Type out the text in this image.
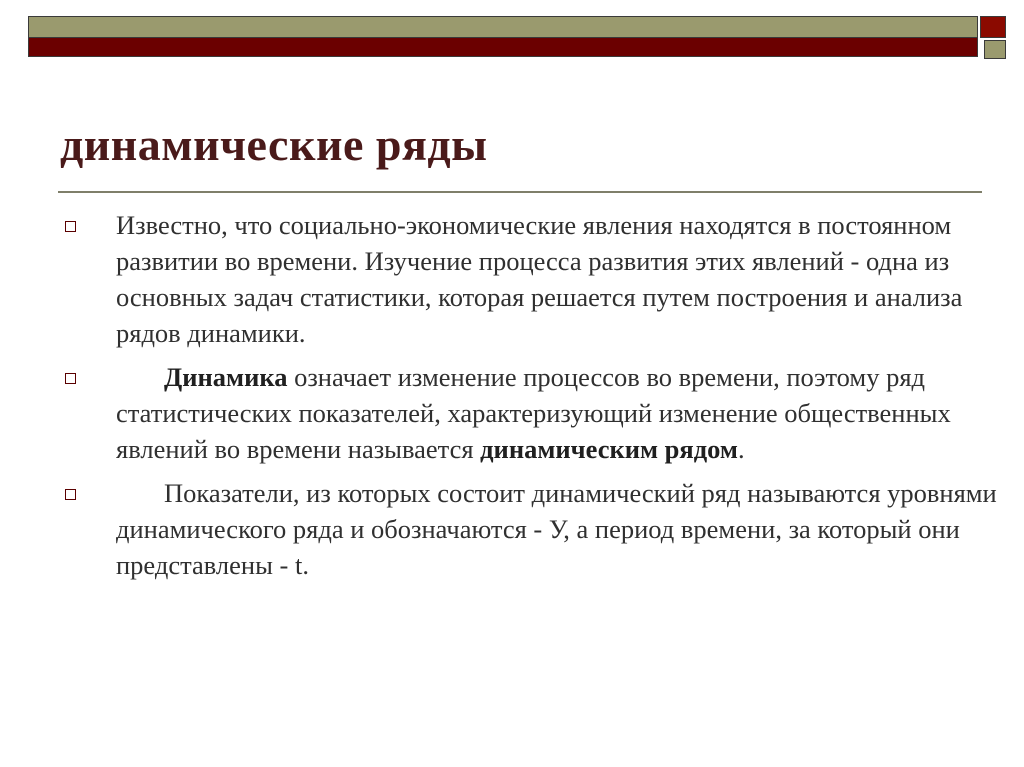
динамические ряды
Известно, что социально-экономические явления находятся в постоянном развитии во времени. Изучение процесса развития этих явлений - одна из основных задач статистики, которая решается путем построения и анализа рядов динамики.
Динамика означает изменение процессов во времени, поэтому ряд статистических показателей, характеризующий изменение общественных явлений во времени называется динамическим рядом.
Показатели, из которых состоит динамический ряд называются уровнями динамического ряда и обозначаются - У, а период времени, за который они представлены - t.
